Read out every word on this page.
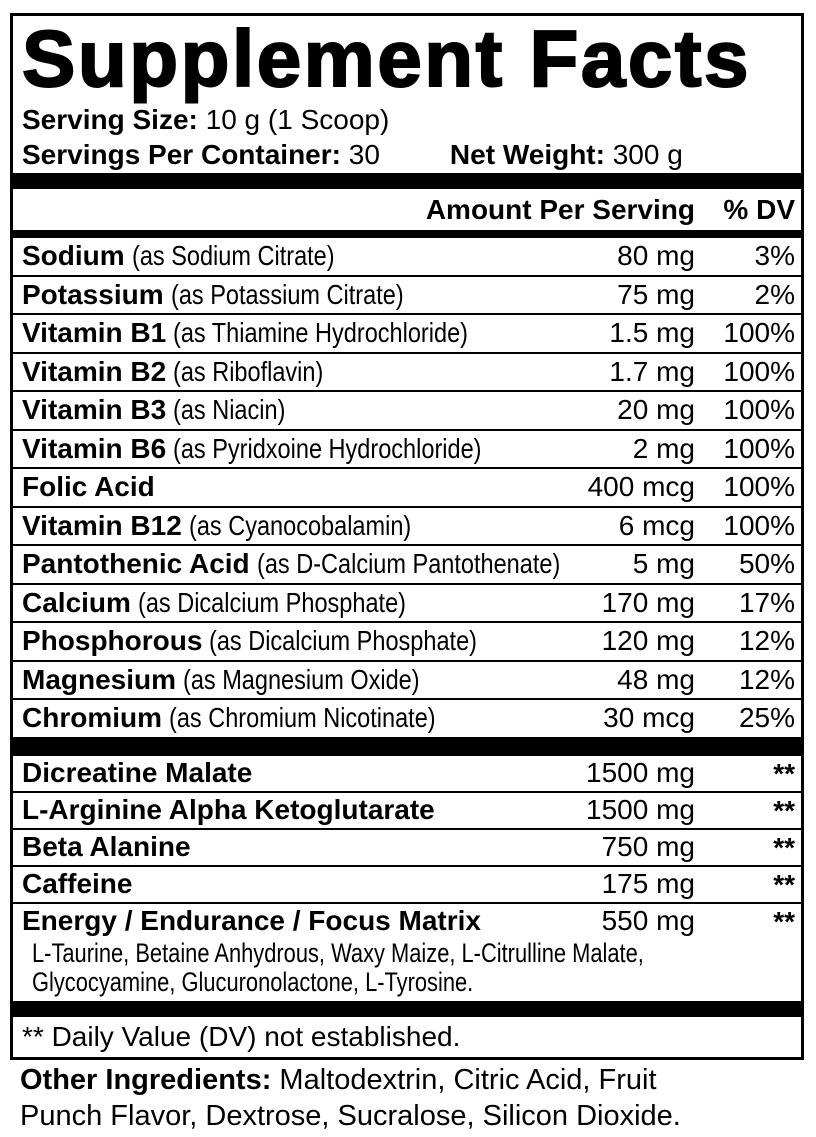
Supplement Facts
Serving Size: 10 g (1 Scoop)
Servings Per Container: 30	Net Weight: 300 g
Amount Per Serving	% DV
Sodium (as Sodium Citrate)	80 mg	3%
Potassium (as Potassium Citrate)	75 mg	2%
Vitamin B1 (as Thiamine Hydrochloride)	1.5 mg	100%
Vitamin B2 (as Riboflavin)	1.7 mg	100%
Vitamin B3 (as Niacin)	20 mg	100%
Vitamin B6 (as Pyridxoine Hydrochloride)	2 mg	100%
Folic Acid	400 mcg	100%
Vitamin B12 (as Cyanocobalamin)	6 mcg	100%
Pantothenic Acid (as D-Calcium Pantothenate)	5 mg	50%
Calcium (as Dicalcium Phosphate)	170 mg	17%
Phosphorous (as Dicalcium Phosphate)	120 mg	12%
Magnesium (as Magnesium Oxide)	48 mg	12%
Chromium (as Chromium Nicotinate)	30 mcg	25%
Dicreatine Malate	1500 mg	**
L-Arginine Alpha Ketoglutarate	1500 mg	**
Beta Alanine	750 mg	**
Caffeine	175 mg	**
Energy / Endurance / Focus Matrix	550 mg	**
L-Taurine, Betaine Anhydrous, Waxy Maize, L-Citrulline Malate, Glycocyamine, Glucuronolactone, L-Tyrosine.
** Daily Value (DV) not established.
Other Ingredients: Maltodextrin, Citric Acid, Fruit Punch Flavor, Dextrose, Sucralose, Silicon Dioxide.
